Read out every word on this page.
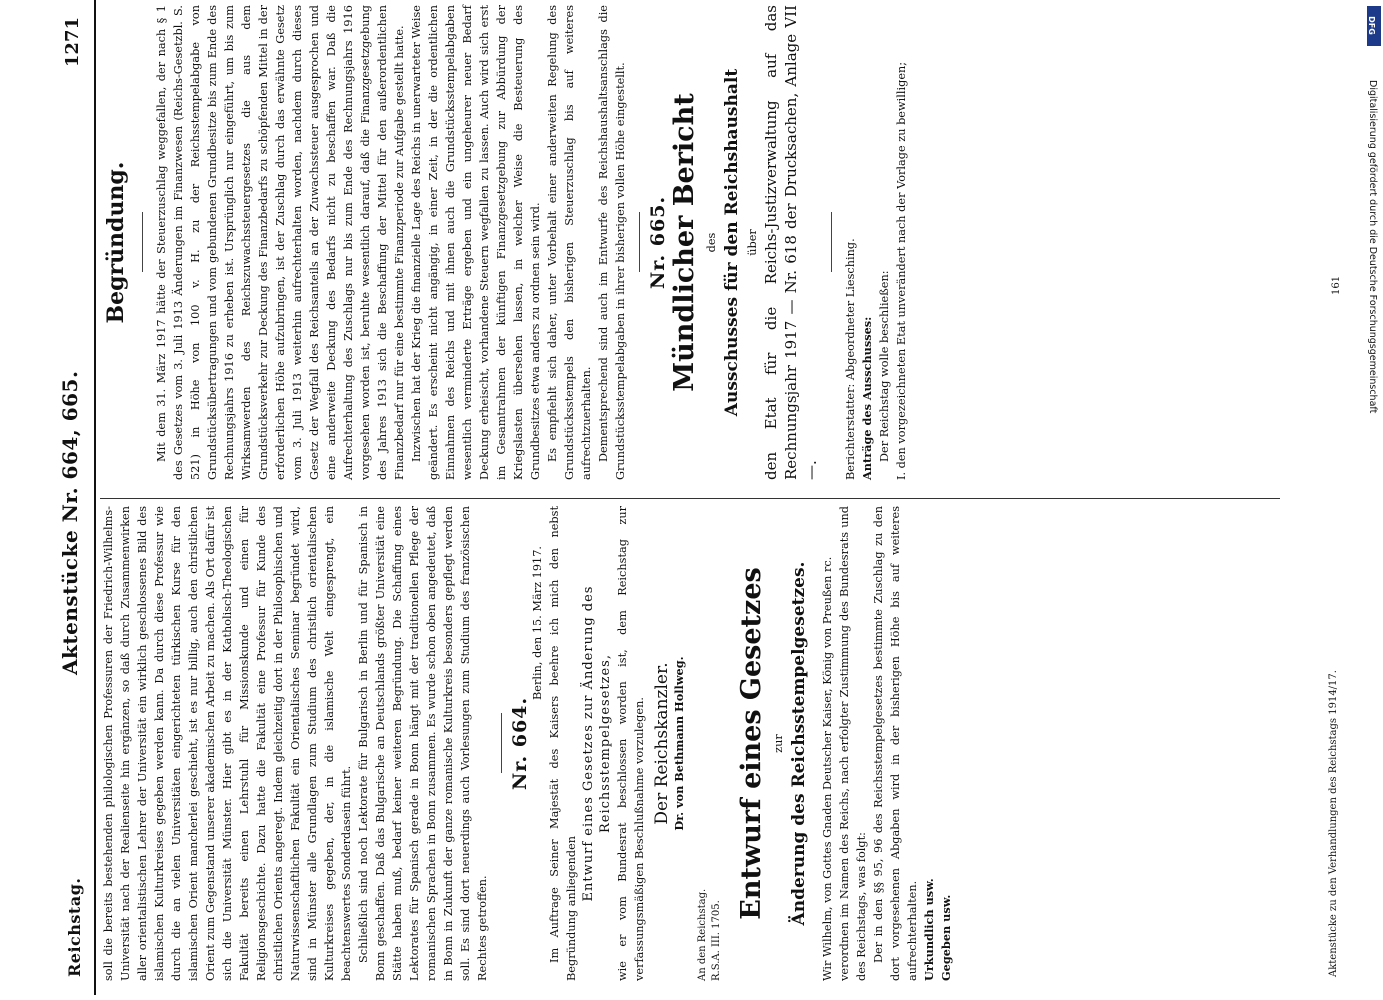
Reichstag.
Aktenstücke Nr. 664, 665.
1271

soll die bereits bestehenden philologischen Professuren der Friedrich-Wilhelms-Universität nach der Realienseite hin ergänzen, so daß durch Zusammenwirken aller orientalistischen Lehrer der Universität ein wirklich geschlossenes Bild des islamischen Kulturkreises gegeben werden kann. Da durch diese Professur wie durch die an vielen Universitäten eingerichteten türkischen Kurse für den islamischen Orient mancherlei geschieht, ist es nur billig, auch den christlichen Orient zum Gegenstand unserer akademischen Arbeit zu machen. Als Ort dafür ist sich die Universität Münster. Hier gibt es in der Katholisch-Theologischen Fakultät bereits einen Lehrstuhl für Missionskunde und einen für Religionsgeschichte. Dazu hatte die Fakultät eine Professur für Kunde des christlichen Orients angeregt. Indem gleichzeitig dort in der Philosophischen und Naturwissenschaftlichen Fakultät ein Orientalisches Seminar begründet wird, sind in Münster alle Grundlagen zum Studium des christlich orientalischen Kulturkreises gegeben, der, in die islamische Welt eingesprengt, ein beachtenswertes Sonderdasein führt. Schließlich sind noch Lektorate für Bulgarisch in Berlin und für Spanisch in Bonn geschaffen. Daß das Bulgarische an Deutschlands größter Universität eine Stätte haben muß, bedarf keiner weiteren Begründung. Die Schaffung eines Lektorates für Spanisch gerade in Bonn hängt mit der traditionellen Pflege der romanischen Sprachen in Bonn zusammen. Es wurde schon oben angedeutet, daß in Bonn in Zukunft der ganze romanische Kulturkreis besonders gepflegt werden soll. Es sind dort neuerdings auch Vorlesungen zum Studium des französischen Rechtes getroffen.

Nr. 664.

Berlin, den 15. März 1917. Im Auftrage Seiner Majestät des Kaisers beehre ich mich den nebst Begründung anliegenden

Entwurf eines Gesetzes zur Änderung des Reichsstempelgesetzes, wie er vom Bundesrat beschlossen worden ist, dem Reichstag zur verfassungsmäßigen Beschlußnahme vorzulegen. Der Reichskanzler. Dr. von Bethmann Hollweg.

An den Reichstag. R.S.A. III. 1705.

Entwurf eines Gesetzes zur Änderung des Reichsstempelgesetzes. Wir Wilhelm, von Gottes Gnaden Deutscher Kaiser, König von Preußen rc. verordnen im Namen des Reichs, nach erfolgter Zustimmung des Bundesrats und des Reichstags, was folgt: Der in den §§ 95, 96 des Reichsstempelgesetzes bestimmte Zuschlag zu den dort vorgesehenen Abgaben wird in der bisherigen Höhe bis auf weiteres aufrechterhalten. Urkundlich usw. Gegeben usw.

Begründung. Mit dem 31. März 1917 hätte der Steuerzuschlag weggefallen, der nach § 1 des Gesetzes vom 3. Juli 1913 Änderungen im Finanzwesen (Reichs-Gesetzbl. S. 521) in Höhe von 100 v. H. zu der Reichsstempelabgabe von Grundstücksübertragungen und vom gebundenen Grundbesitze bis zum Ende des Rechnungsjahrs 1916 zu erheben ist. Ursprünglich nur eingeführt, um bis zum Wirksamwerden des Reichszuwachssteuergesetzes die aus dem Grundstücksverkehr zur Deckung des Finanzbedarfs zu schöpfenden Mittel in der erforderlichen Höhe aufzubringen, ist der Zuschlag durch das erwähnte Gesetz vom 3. Juli 1913 weiterhin aufrechterhalten worden, nachdem durch dieses Gesetz der Wegfall des Reichsanteils an der Zuwachssteuer ausgesprochen und eine anderweite Deckung des Bedarfs nicht zu beschaffen war. Daß die Aufrechterhaltung des Zuschlags nur bis zum Ende des Rechnungsjahrs 1916 vorgesehen worden ist, beruhte wesentlich darauf, daß die Finanzgesetzgebung des Jahres 1913 sich die Beschaffung der Mittel für den außerordentlichen Finanzbedarf nur für eine bestimmte Finanzperiode zur Aufgabe gestellt hatte. Inzwischen hat der Krieg die finanzielle Lage des Reichs in unerwarteter Weise geändert. Es erscheint nicht angängig, in einer Zeit, in der die ordentlichen Einnahmen des Reichs und mit ihnen auch die Grundstücksstempelabgaben wesentlich verminderte Erträge ergeben und ein ungeheurer neuer Bedarf Deckung erheischt, vorhandene Steuern wegfallen zu lassen. Auch wird sich erst im Gesamtrahmen der künftigen Finanzgesetzgebung zur Abbürdung der Kriegslasten übersehen lassen, in welcher Weise die Besteuerung des Grundbesitzes etwa anders zu ordnen sein wird. Es empfiehlt sich daher, unter Vorbehalt einer anderweiten Regelung des Grundstücksstempels den bisherigen Steuerzuschlag bis auf weiteres aufrechtzuerhalten. Dementsprechend sind auch im Entwurfe des Reichshaushaltsanschlags die Grundstücksstempelabgaben in ihrer bisherigen vollen Höhe eingestellt. Nr. 665. Mündlicher Bericht des Ausschusses für den Reichshaushalt über den Etat für die Reichs-Justizverwaltung auf das Rechnungsjahr 1917 — Nr. 618 der Drucksachen, Anlage VII —. Berichterstatter: Abgeordneter Liesching. Anträge des Ausschusses: Der Reichstag wolle beschließen: I. den vorgezeichneten Etat unverändert nach der Vorlage zu bewilligen;

Aktenstücke zu den Verhandlungen des Reichstags 1914/17.
161
DFG
Digitalisierung gefördert durch die Deutsche Forschungsgemeinschaft
